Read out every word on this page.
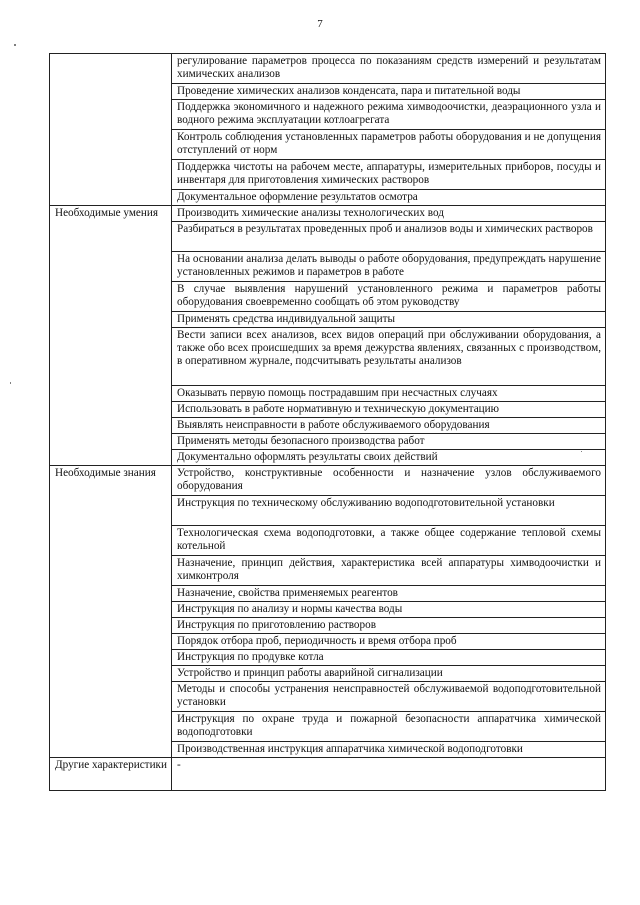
7
	регулирование параметров процесса по показаниям средств измерений и результатам химических анализов
	Проведение химических анализов конденсата, пара и питательной воды
	Поддержка экономичного и надежного режима химводоочистки, деаэрационного узла и водного режима эксплуатации котлоагрегата
	Контроль соблюдения установленных параметров работы оборудования и не допущения отступлений от норм
	Поддержка чистоты на рабочем месте, аппаратуры, измерительных приборов, посуды и инвентаря для приготовления химических растворов
	Документальное оформление результатов осмотра
Необходимые умения	Производить химические анализы технологических вод
	Разбираться в результатах проведенных проб и анализов воды и химических растворов
	На основании анализа делать выводы о работе оборудования, предупреждать нарушение установленных режимов и параметров в работе
	В случае выявления нарушений установленного режима и параметров работы оборудования своевременно сообщать об этом руководству
	Применять средства индивидуальной защиты
	Вести записи всех анализов, всех видов операций при обслуживании оборудования, а также обо всех происшедших за время дежурства явлениях, связанных с производством, в оперативном журнале, подсчитывать результаты анализов
	Оказывать первую помощь пострадавшим при несчастных случаях
	Использовать в работе нормативную и техническую документацию
	Выявлять неисправности в работе обслуживаемого оборудования
	Применять методы безопасного производства работ
	Документально оформлять результаты своих действий
Необходимые знания	Устройство, конструктивные особенности и назначение узлов обслуживаемого оборудования
	Инструкция по техническому обслуживанию водоподготовительной установки
	Технологическая схема водоподготовки, а также общее содержание тепловой схемы котельной
	Назначение, принцип действия, характеристика всей аппаратуры химводоочистки и химконтроля
	Назначение, свойства применяемых реагентов
	Инструкция по анализу и нормы качества воды
	Инструкция по приготовлению растворов
	Порядок отбора проб, периодичность и время отбора проб
	Инструкция по продувке котла
	Устройство и принцип работы аварийной сигнализации
	Методы и способы устранения неисправностей обслуживаемой водоподготовительной установки
	Инструкция по охране труда и пожарной безопасности аппаратчика химической водоподготовки
	Производственная инструкция аппаратчика химической водоподготовки
Другие характеристики	-
